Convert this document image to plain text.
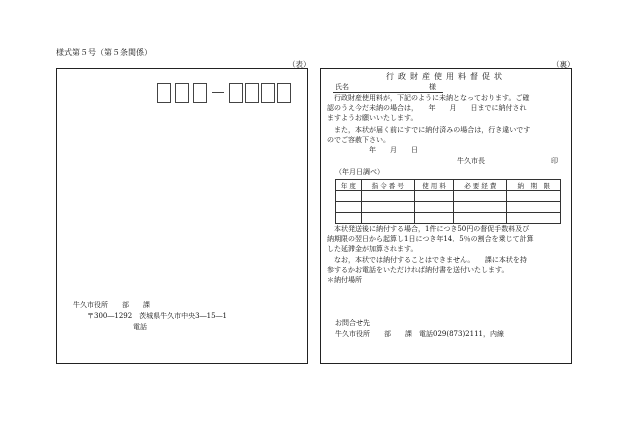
様式第５号（第５条関係）
（表）	（裏）
牛久市役所　　部　　課
〒300―1292　茨城県牛久市中央3―15―1
電話
行政財産使用料督促状
氏名	様
行政財産使用料が，下記のように未納となっております。ご確
認のうえ今だ未納の場合は，　　年　　月　　日までに納付され
ますようお願いいたします。
また，本状が届く前にすでに納付済みの場合は，行き違いです
のでご容赦下さい。
年　　月　　日
牛久市長	印
（年月日調べ）
年 度	指 令 番 号	使 用 料	必 要 経 費	納　期　限

本状発送後に納付する場合，1件につき50円の督促手数料及び
納期限の翌日から起算し1日につき年14．5％の割合を乗じて計算
した延滞金が加算されます。
なお，本状では納付することはできません。　　課に本状を持
参するかお電話をいただければ納付書を送付いたします。
＊納付場所
お問合せ先
牛久市役所　　部　　課　電話029(873)2111，内線
